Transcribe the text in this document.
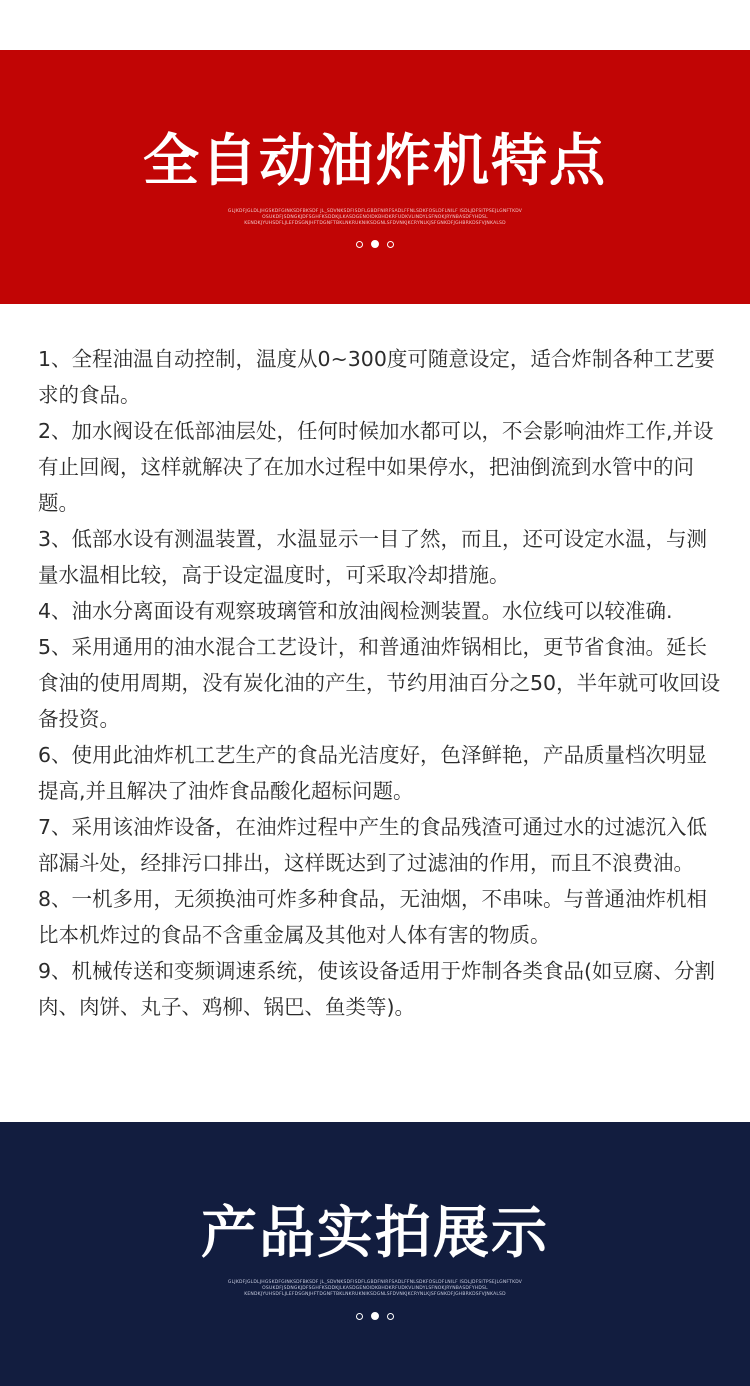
全自动油炸机特点
GLJKDFJGLDLJHGSKDFGINKSDFBKSDF JL_SDVNKSDFISDFLGBDFNIRFSADLFFNLSDKFOSLDFLNILF ISDLJDFSITPSEJLGNFTKDV
OSUKDFJSDNGKJDFSGHFKSDDKJLKASDGENOIDKBHDKRFUDKVLINDYLSFNOKJRYNBASDFYHDSL
KENDKJYUHSDFLJLEFDSGNJHFTDGNFTBKLNKRUKNIKSDGNLSFDVNKJKCRYNLKJSFGNKDFJGHBRKDSFVJNKALSD
1、全程油温自动控制，温度从0~300度可随意设定，适合炸制各种工艺要求的食品。
2、加水阀设在低部油层处，任何时候加水都可以，不会影响油炸工作,并设有止回阀，这样就解决了在加水过程中如果停水，把油倒流到水管中的问题。
3、低部水设有测温装置，水温显示一目了然，而且，还可设定水温，与测量水温相比较，高于设定温度时，可采取冷却措施。
4、油水分离面设有观察玻璃管和放油阀检测装置。水位线可以较准确.
5、采用通用的油水混合工艺设计，和普通油炸锅相比，更节省食油。延长食油的使用周期，没有炭化油的产生，节约用油百分之50，半年就可收回设备投资。
6、使用此油炸机工艺生产的食品光洁度好，色泽鲜艳，产品质量档次明显提高,并且解决了油炸食品酸化超标问题。
7、采用该油炸设备，在油炸过程中产生的食品残渣可通过水的过滤沉入低部漏斗处，经排污口排出，这样既达到了过滤油的作用，而且不浪费油。
8、一机多用，无须换油可炸多种食品，无油烟，不串味。与普通油炸机相比本机炸过的食品不含重金属及其他对人体有害的物质。
9、机械传送和变频调速系统，使该设备适用于炸制各类食品(如豆腐、分割肉、肉饼、丸子、鸡柳、锅巴、鱼类等)。
产品实拍展示
GLJKDFJGLDLJHGSKDFGINKSDFBKSDF JL_SDVNKSDFISDFLGBDFNIRFSADLFFNLSDKFOSLDFLNILF ISDLJDFSITPSEJLGNFTKDV
OSUKDFJSDNGKJDFSGHFKSDDKJLKASDGENOIDKBHDKRFUDKVLINDYLSFNOKJRYNBASDFYHDSL
KENDKJYUHSDFLJLEFDSGNJHFTDGNFTBKLNKRUKNIKSDGNLSFDVNKJKCRYNLKJSFGNKDFJGHBRKDSFVJNKALSD
